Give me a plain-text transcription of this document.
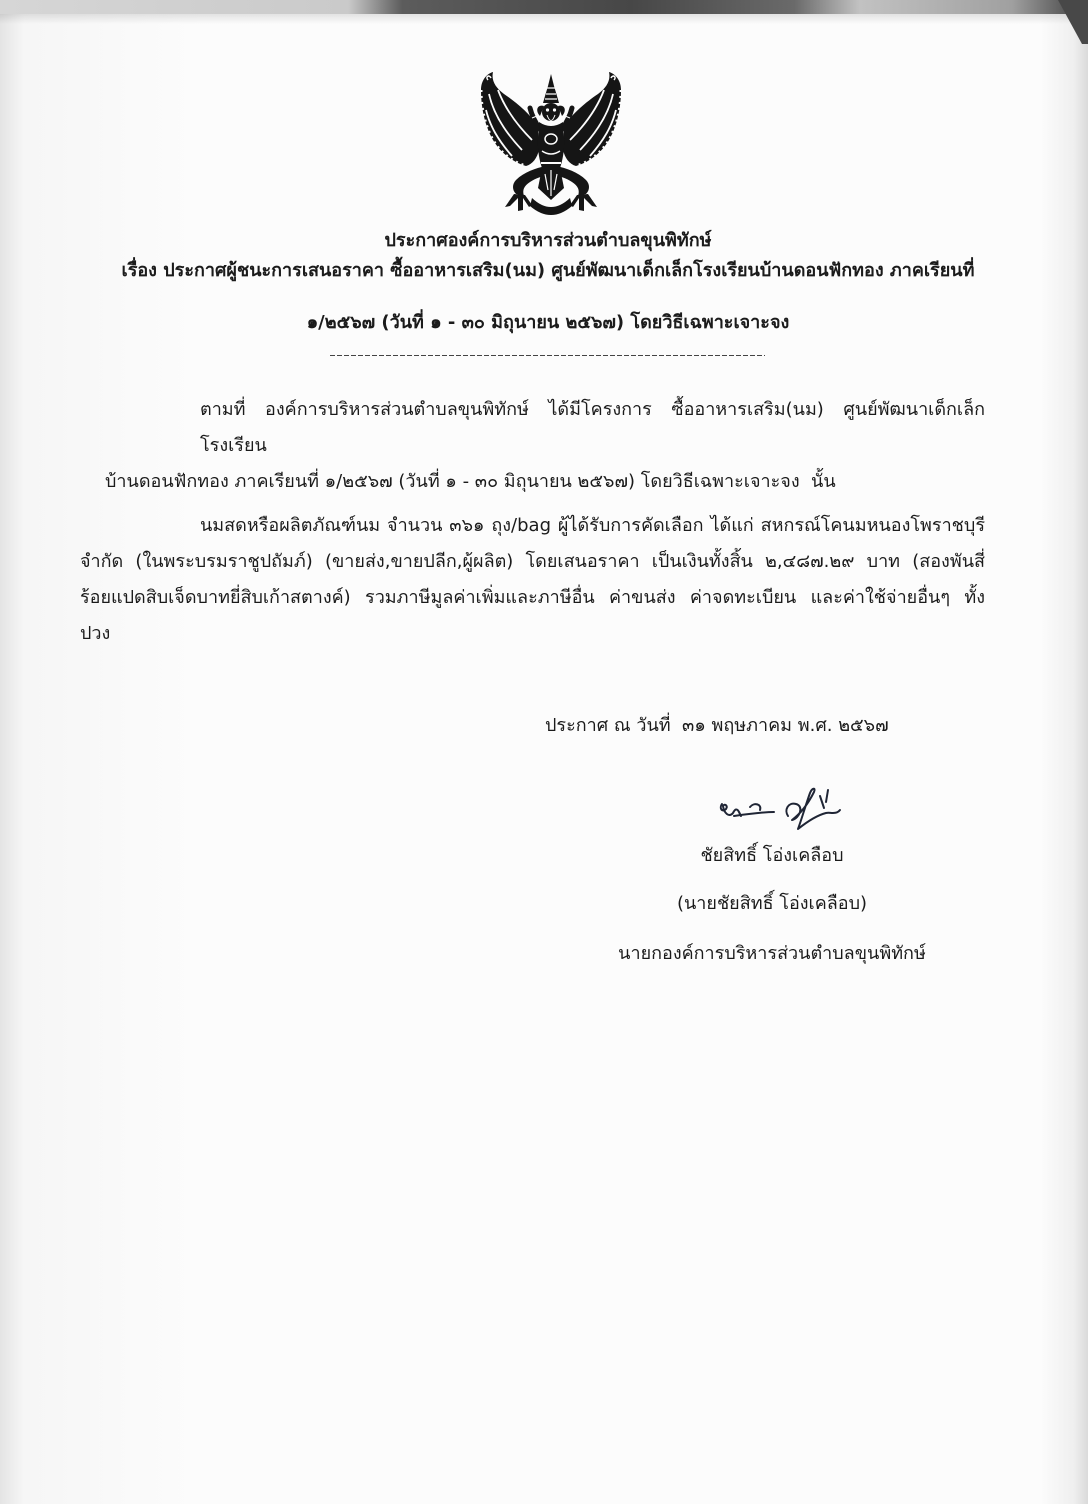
ประกาศองค์การบริหารส่วนตำบลขุนพิทักษ์
เรื่อง ประกาศผู้ชนะการเสนอราคา ซื้ออาหารเสริม(นม) ศูนย์พัฒนาเด็กเล็กโรงเรียนบ้านดอนฟักทอง ภาคเรียนที่
๑/๒๕๖๗ (วันที่ ๑ - ๓๐ มิถุนายน ๒๕๖๗) โดยวิธีเฉพาะเจาะจง
ตามที่ องค์การบริหารส่วนตำบลขุนพิทักษ์ ได้มีโครงการ ซื้ออาหารเสริม(นม) ศูนย์พัฒนาเด็กเล็กโรงเรียน
บ้านดอนฟักทอง ภาคเรียนที่ ๑/๒๕๖๗ (วันที่ ๑ - ๓๐ มิถุนายน ๒๕๖๗) โดยวิธีเฉพาะเจาะจง  นั้น
นมสดหรือผลิตภัณฑ์นม จำนวน ๓๖๑ ถุง/bag ผู้ได้รับการคัดเลือก ได้แก่ สหกรณ์โคนมหนองโพราชบุรี
จำกัด (ในพระบรมราชูปถัมภ์) (ขายส่ง,ขายปลีก,ผู้ผลิต) โดยเสนอราคา เป็นเงินทั้งสิ้น ๒,๔๘๗.๒๙ บาท (สองพันสี่
ร้อยแปดสิบเจ็ดบาทยี่สิบเก้าสตางค์) รวมภาษีมูลค่าเพิ่มและภาษีอื่น ค่าขนส่ง ค่าจดทะเบียน และค่าใช้จ่ายอื่นๆ ทั้ง
ปวง
ประกาศ ณ วันที่  ๓๑ พฤษภาคม พ.ศ. ๒๕๖๗
ชัยสิทธิ์ โอ่งเคลือบ
(นายชัยสิทธิ์ โอ่งเคลือบ)
นายกองค์การบริหารส่วนตำบลขุนพิทักษ์
